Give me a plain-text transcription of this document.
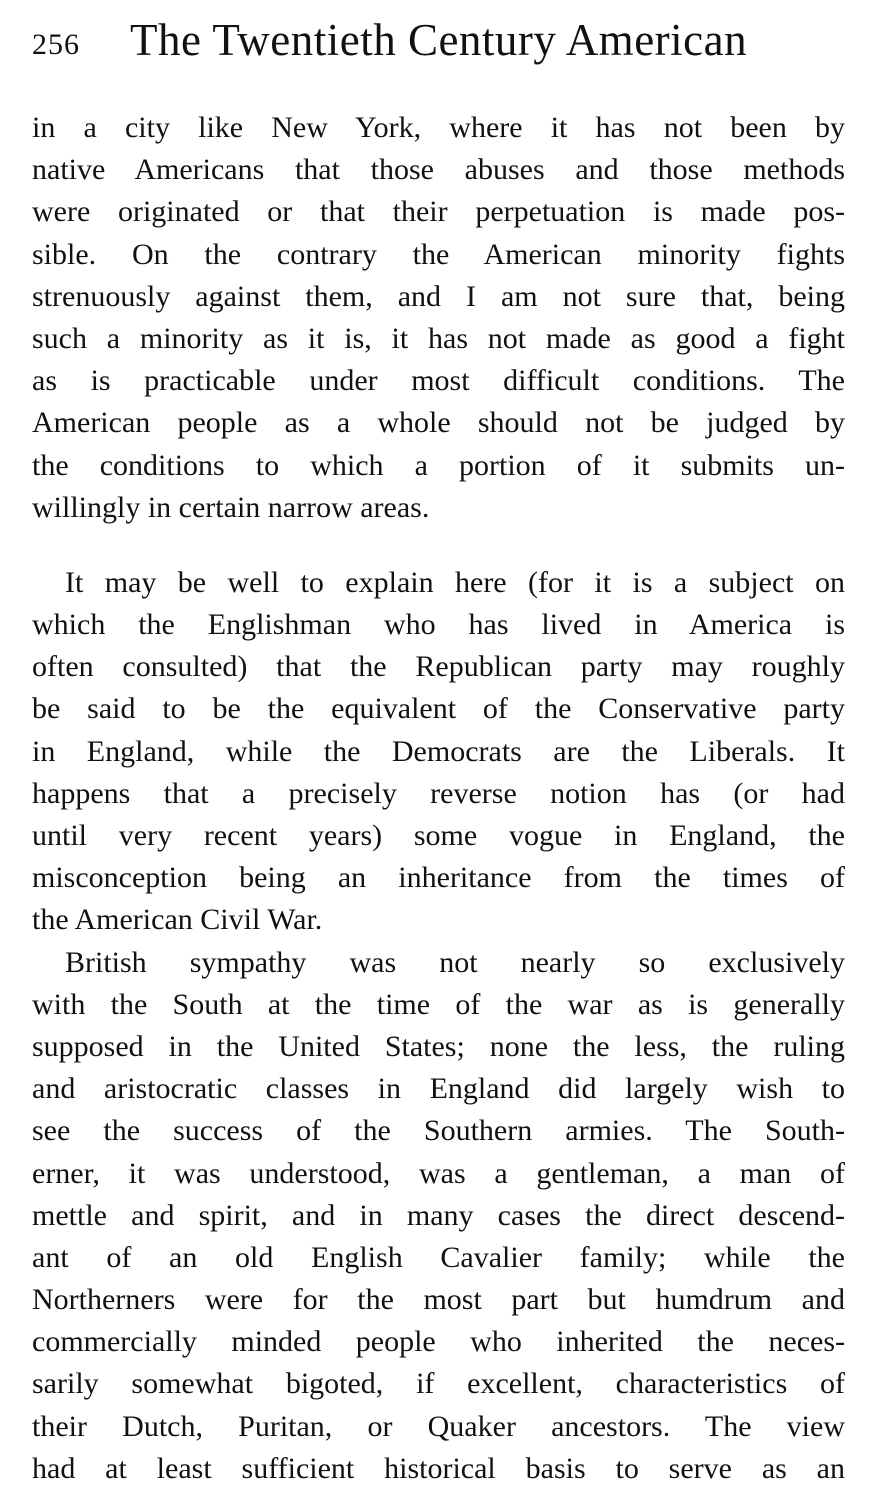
256 The Twentieth Century American
in a city like New York, where it has not been by
native Americans that those abuses and those methods
were originated or that their perpetuation is made pos-
sible. On the contrary the American minority fights
strenuously against them, and I am not sure that, being
such a minority as it is, it has not made as good a fight
as is practicable under most difficult conditions. The
American people as a whole should not be judged by
the conditions to which a portion of it submits un-
willingly in certain narrow areas.
It may be well to explain here (for it is a subject on
which the Englishman who has lived in America is
often consulted) that the Republican party may roughly
be said to be the equivalent of the Conservative party
in England, while the Democrats are the Liberals. It
happens that a precisely reverse notion has (or had
until very recent years) some vogue in England, the
misconception being an inheritance from the times of
the American Civil War.
British sympathy was not nearly so exclusively
with the South at the time of the war as is generally
supposed in the United States; none the less, the ruling
and aristocratic classes in England did largely wish to
see the success of the Southern armies. The South-
erner, it was understood, was a gentleman, a man of
mettle and spirit, and in many cases the direct descend-
ant of an old English Cavalier family; while the
Northerners were for the most part but humdrum and
commercially minded people who inherited the neces-
sarily somewhat bigoted, if excellent, characteristics of
their Dutch, Puritan, or Quaker ancestors. The view
had at least sufficient historical basis to serve as an
